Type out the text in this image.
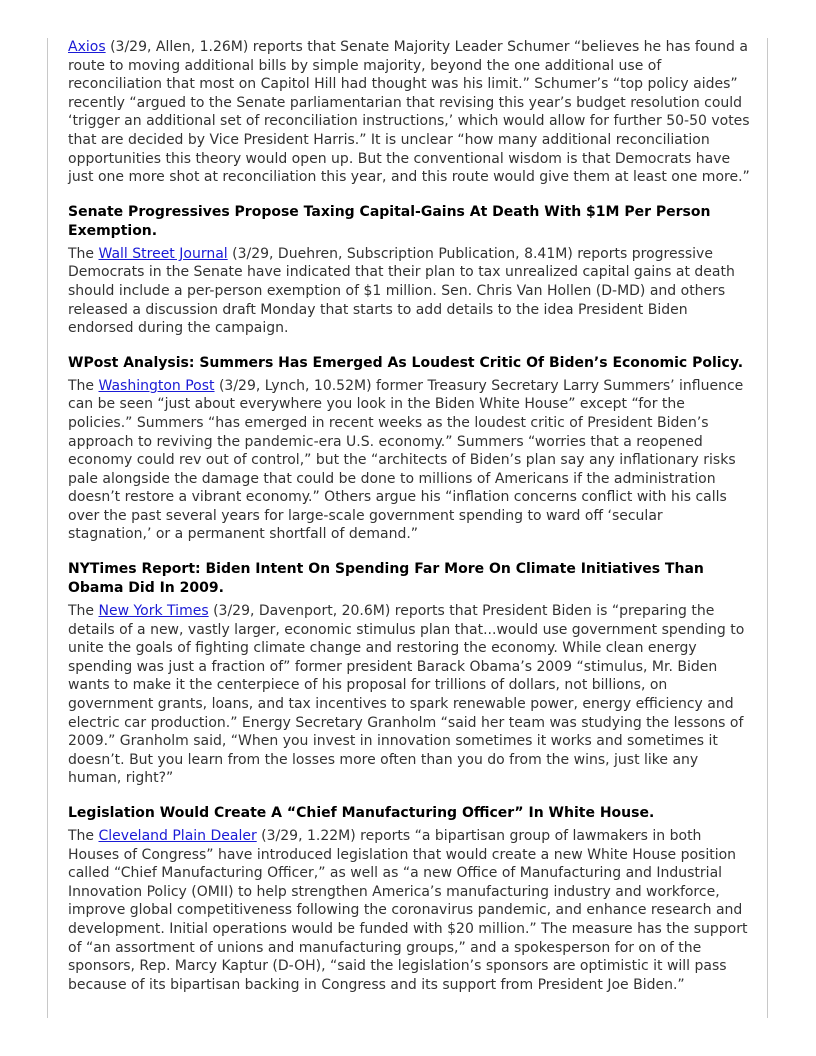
Axios (3/29, Allen, 1.26M) reports that Senate Majority Leader Schumer “believes he has found a route to moving additional bills by simple majority, beyond the one additional use of reconciliation that most on Capitol Hill had thought was his limit.” Schumer’s “top policy aides” recently “argued to the Senate parliamentarian that revising this year’s budget resolution could ‘trigger an additional set of reconciliation instructions,’ which would allow for further 50-50 votes that are decided by Vice President Harris.” It is unclear “how many additional reconciliation opportunities this theory would open up. But the conventional wisdom is that Democrats have just one more shot at reconciliation this year, and this route would give them at least one more.”

Senate Progressives Propose Taxing Capital-Gains At Death With $1M Per Person Exemption.

The Wall Street Journal (3/29, Duehren, Subscription Publication, 8.41M) reports progressive Democrats in the Senate have indicated that their plan to tax unrealized capital gains at death should include a per-person exemption of $1 million. Sen. Chris Van Hollen (D-MD) and others released a discussion draft Monday that starts to add details to the idea President Biden endorsed during the campaign.

WPost Analysis: Summers Has Emerged As Loudest Critic Of Biden’s Economic Policy.

The Washington Post (3/29, Lynch, 10.52M) former Treasury Secretary Larry Summers’ influence can be seen “just about everywhere you look in the Biden White House” except “for the policies.” Summers “has emerged in recent weeks as the loudest critic of President Biden’s approach to reviving the pandemic-era U.S. economy.” Summers “worries that a reopened economy could rev out of control,” but the “architects of Biden’s plan say any inflationary risks pale alongside the damage that could be done to millions of Americans if the administration doesn’t restore a vibrant economy.” Others argue his “inflation concerns conflict with his calls over the past several years for large-scale government spending to ward off ‘secular stagnation,’ or a permanent shortfall of demand.”

NYTimes Report: Biden Intent On Spending Far More On Climate Initiatives Than Obama Did In 2009.

The New York Times (3/29, Davenport, 20.6M) reports that President Biden is “preparing the details of a new, vastly larger, economic stimulus plan that...would use government spending to unite the goals of fighting climate change and restoring the economy. While clean energy spending was just a fraction of” former president Barack Obama’s 2009 “stimulus, Mr. Biden wants to make it the centerpiece of his proposal for trillions of dollars, not billions, on government grants, loans, and tax incentives to spark renewable power, energy efficiency and electric car production.” Energy Secretary Granholm “said her team was studying the lessons of 2009.” Granholm said, “When you invest in innovation sometimes it works and sometimes it doesn’t. But you learn from the losses more often than you do from the wins, just like any human, right?”

Legislation Would Create A “Chief Manufacturing Officer” In White House.

The Cleveland Plain Dealer (3/29, 1.22M) reports “a bipartisan group of lawmakers in both Houses of Congress” have introduced legislation that would create a new White House position called “Chief Manufacturing Officer,” as well as “a new Office of Manufacturing and Industrial Innovation Policy (OMII) to help strengthen America’s manufacturing industry and workforce, improve global competitiveness following the coronavirus pandemic, and enhance research and development. Initial operations would be funded with $20 million.” The measure has the support of “an assortment of unions and manufacturing groups,” and a spokesperson for on of the sponsors, Rep. Marcy Kaptur (D-OH), “said the legislation’s sponsors are optimistic it will pass because of its bipartisan backing in Congress and its support from President Joe Biden.”
